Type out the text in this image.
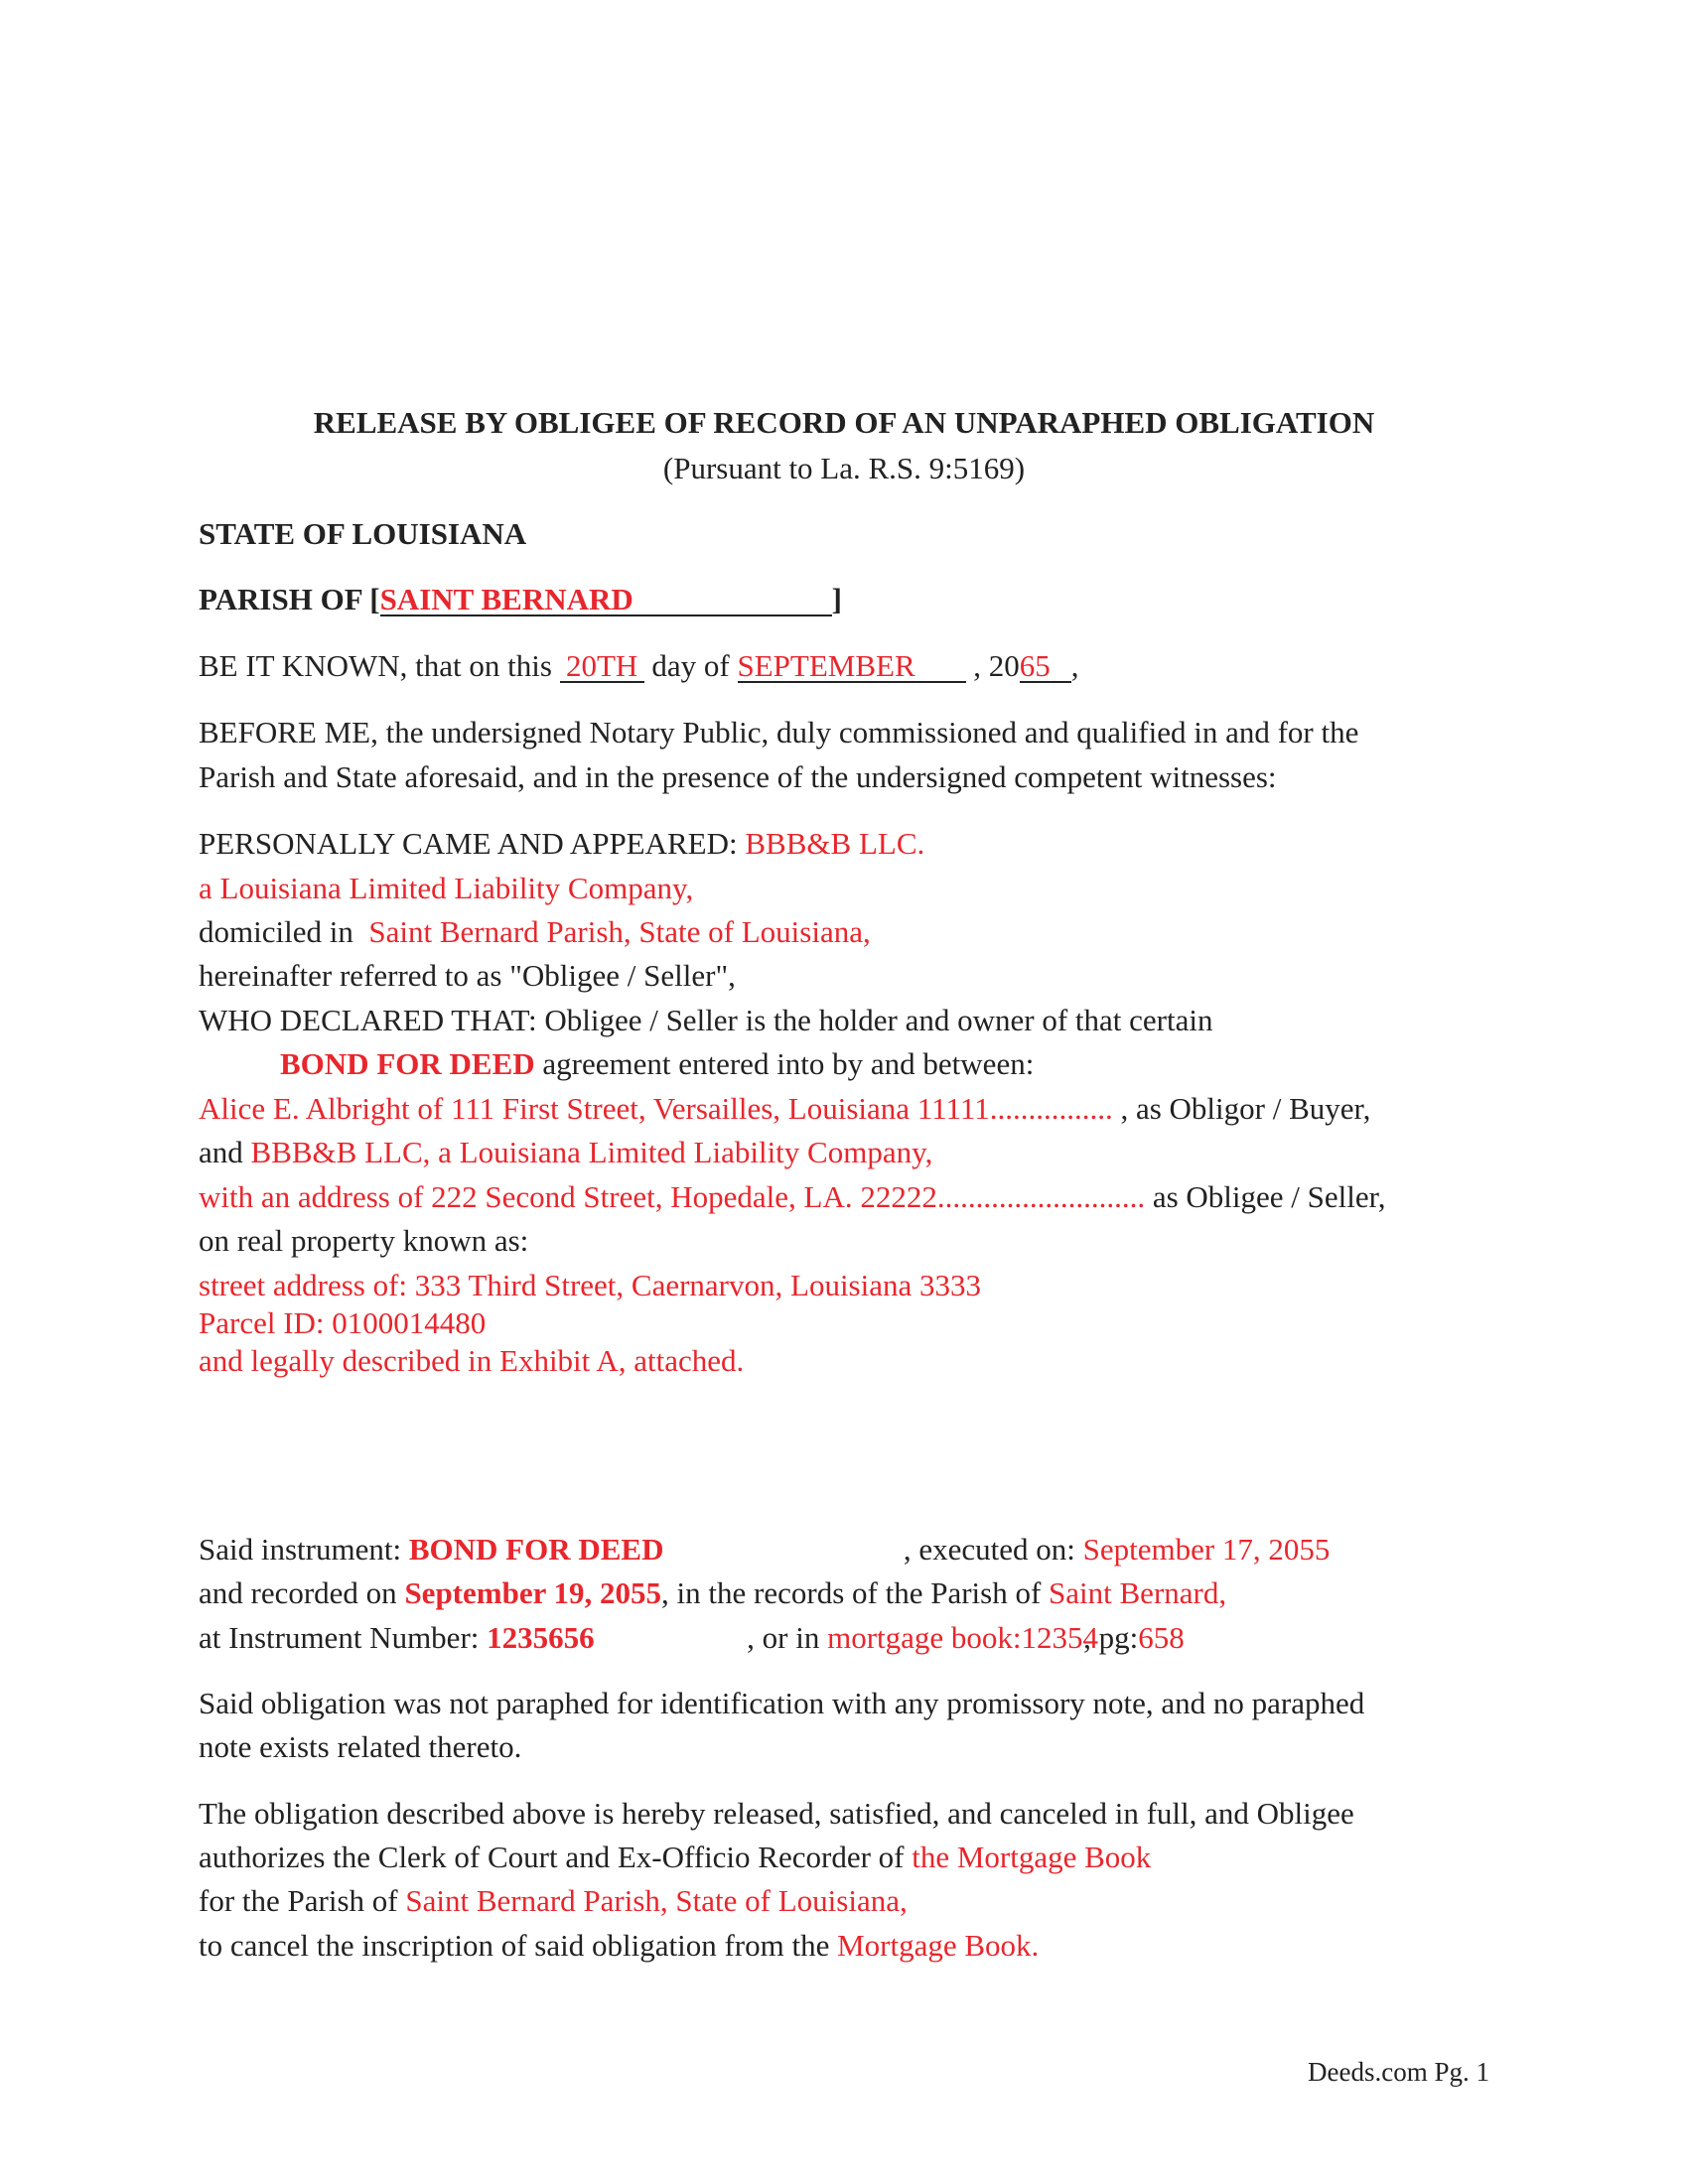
RELEASE BY OBLIGEE OF RECORD OF AN UNPARAPHED OBLIGATION
(Pursuant to La. R.S. 9:5169)
STATE OF LOUISIANA
PARISH OF [SAINT BERNARD	]
BE IT KNOWN, that on this 20TH day of SEPTEMBER , 2065 ,
BEFORE ME, the undersigned Notary Public, duly commissioned and qualified in and for the
Parish and State aforesaid, and in the presence of the undersigned competent witnesses:
PERSONALLY CAME AND APPEARED: BBB&B LLC.
a Louisiana Limited Liability Company,
domiciled in Saint Bernard Parish, State of Louisiana,
hereinafter referred to as "Obligee / Seller",
WHO DECLARED THAT: Obligee / Seller is the holder and owner of that certain
BOND FOR DEED agreement entered into by and between:
Alice E. Albright of 111 First Street, Versailles, Louisiana 11111................ , as Obligor / Buyer,
and BBB&B LLC, a Louisiana Limited Liability Company,
with an address of 222 Second Street, Hopedale, LA. 22222........................... as Obligee / Seller,
on real property known as:
street address of: 333 Third Street, Caernarvon, Louisiana 3333
Parcel ID: 0100014480
and legally described in Exhibit A, attached.
Said instrument: BOND FOR DEED	, executed on: September 17, 2055
and recorded on September 19, 2055, in the records of the Parish of Saint Bernard,
at Instrument Number: 1235656	, or in mortgage book:12354, pg:658
Said obligation was not paraphed for identification with any promissory note, and no paraphed
note exists related thereto.
The obligation described above is hereby released, satisfied, and canceled in full, and Obligee
authorizes the Clerk of Court and Ex-Officio Recorder of the Mortgage Book
for the Parish of Saint Bernard Parish, State of Louisiana,
to cancel the inscription of said obligation from the Mortgage Book.
Deeds.com Pg. 1
